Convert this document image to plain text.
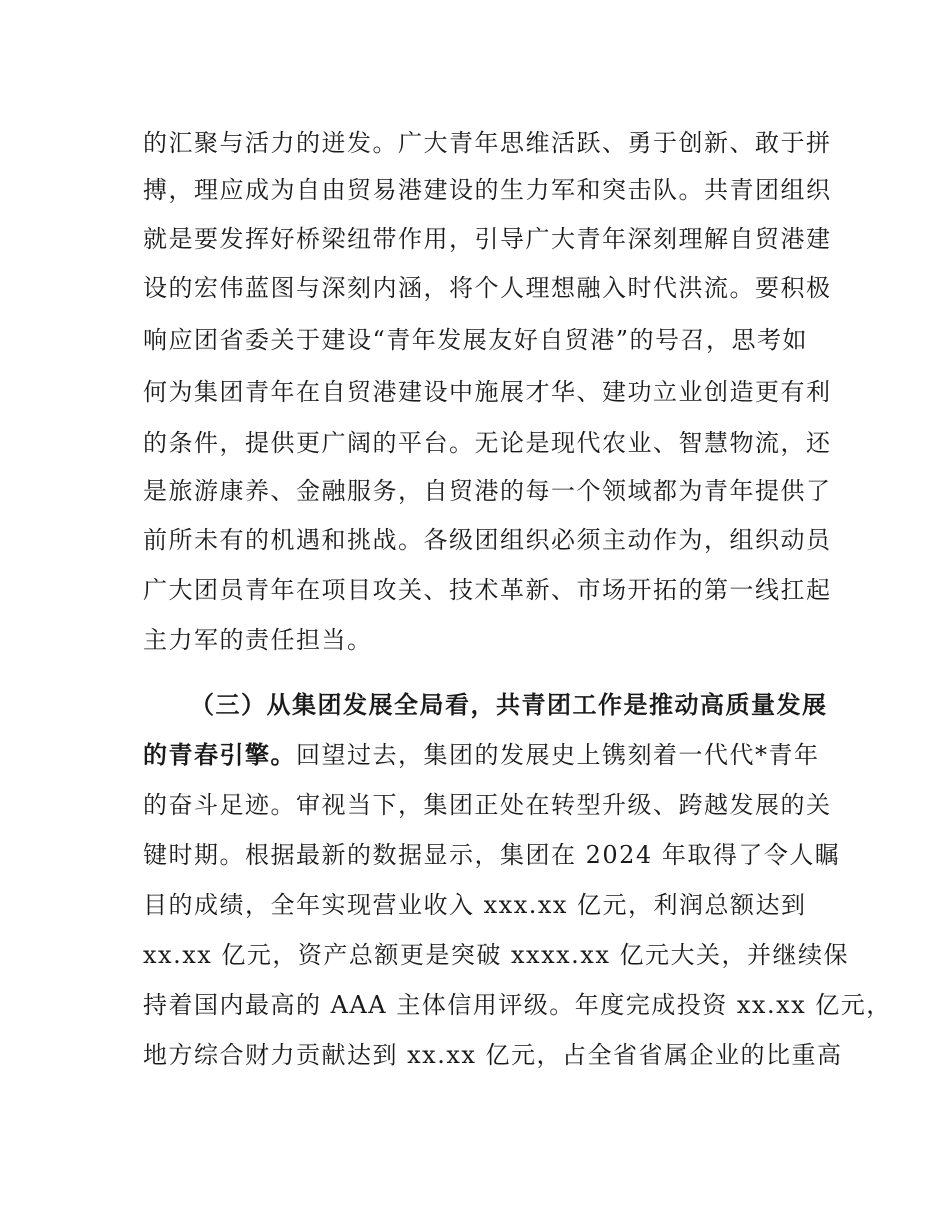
的汇聚与活力的迸发。广大青年思维活跃、勇于创新、敢于拼
搏，理应成为自由贸易港建设的生力军和突击队。共青团组织
就是要发挥好桥梁纽带作用，引导广大青年深刻理解自贸港建
设的宏伟蓝图与深刻内涵，将个人理想融入时代洪流。要积极
响应团省委关于建设“青年发展友好自贸港”的号召，思考如
何为集团青年在自贸港建设中施展才华、建功立业创造更有利
的条件，提供更广阔的平台。无论是现代农业、智慧物流，还
是旅游康养、金融服务，自贸港的每一个领域都为青年提供了
前所未有的机遇和挑战。各级团组织必须主动作为，组织动员
广大团员青年在项目攻关、技术革新、市场开拓的第一线扛起
主力军的责任担当。
（三）从集团发展全局看，共青团工作是推动高质量发展
的青春引擎。回望过去，集团的发展史上镌刻着一代代*青年
的奋斗足迹。审视当下，集团正处在转型升级、跨越发展的关
键时期。根据最新的数据显示，集团在 2024 年取得了令人瞩
目的成绩，全年实现营业收入 xxx.xx 亿元，利润总额达到
xx.xx 亿元，资产总额更是突破 xxxx.xx 亿元大关，并继续保
持着国内最高的 AAA 主体信用评级。年度完成投资 xx.xx 亿元，
地方综合财力贡献达到 xx.xx 亿元，占全省省属企业的比重高
